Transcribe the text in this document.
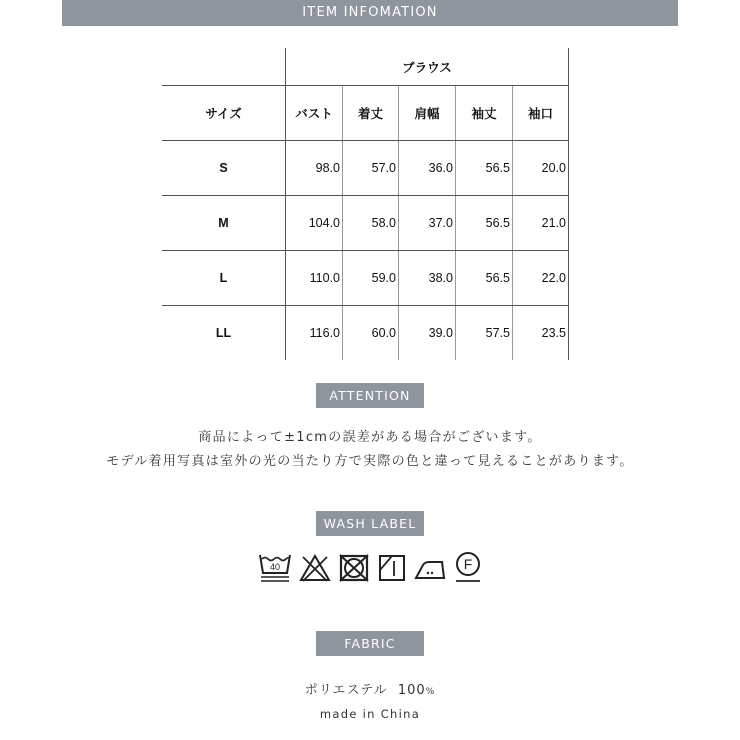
ITEM INFOMATION
ブラウス
サイズ	バスト	着丈	肩幅	袖丈	袖口
S	98.0	57.0	36.0	56.5	20.0
M	104.0	58.0	37.0	56.5	21.0
L	110.0	59.0	38.0	56.5	22.0
LL	116.0	60.0	39.0	57.5	23.5
ATTENTION
商品によって±1cmの誤差がある場合がございます。
モデル着用写真は室外の光の当たり方で実際の色と違って見えることがあります。
WASH LABEL
40	F
FABRIC
ポリエステル 100%
made in China
